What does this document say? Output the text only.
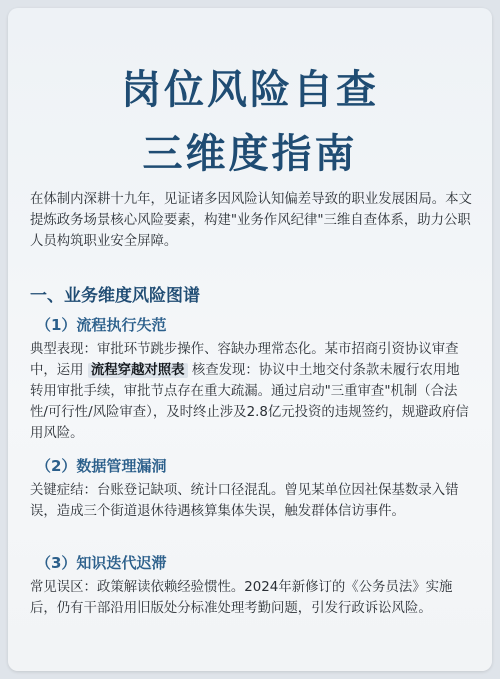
岗位风险自查
三维度指南
在体制内深耕十九年，见证诸多因风险认知偏差导致的职业发展困局。本文提炼政务场景核心风险要素，构建"业务作风纪律"三维自查体系，助力公职人员构筑职业安全屏障。
一、业务维度风险图谱
（1）流程执行失范
典型表现：审批环节跳步操作、容缺办理常态化。某市招商引资协议审查中，运用 流程穿越对照表 核查发现：协议中土地交付条款未履行农用地转用审批手续，审批节点存在重大疏漏。通过启动"三重审查"机制（合法性/可行性/风险审查），及时终止涉及2.8亿元投资的违规签约，规避政府信用风险。
（2）数据管理漏洞
关键症结：台账登记缺项、统计口径混乱。曾见某单位因社保基数录入错误，造成三个街道退休待遇核算集体失误，触发群体信访事件。
（3）知识迭代迟滞
常见误区：政策解读依赖经验惯性。2024年新修订的《公务员法》实施后，仍有干部沿用旧版处分标准处理考勤问题，引发行政诉讼风险。
